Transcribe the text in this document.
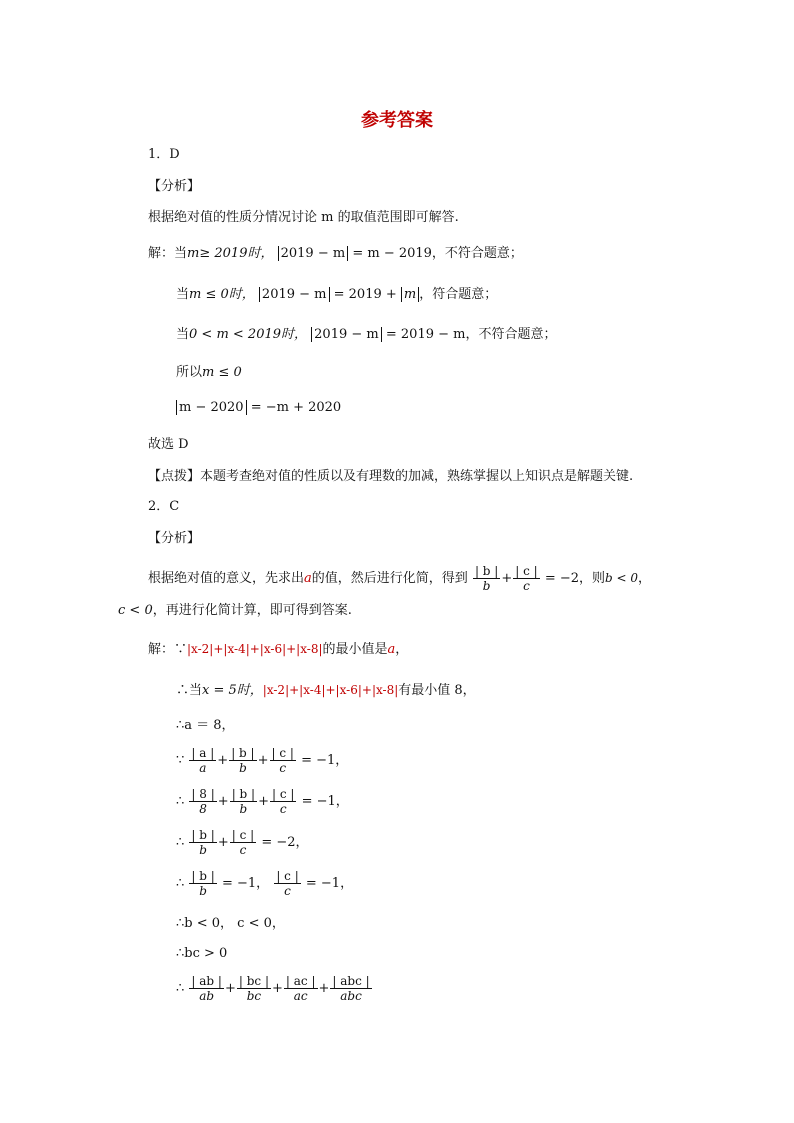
参考答案
1．D
【分析】
根据绝对值的性质分情况讨论 m 的取值范围即可解答.
解：当m≥ 2019时， 2019 − m = m − 2019，不符合题意；
当m ≤ 0时， 2019 − m = 2019 + m ，符合题意；
当0 < m < 2019时， 2019 − m = 2019 − m，不符合题意；
所以m ≤ 0
m − 2020 = −m + 2020
故选 D
【点拨】本题考查绝对值的性质以及有理数的加减，熟练掌握以上知识点是解题关键.
2．C
【分析】
根据绝对值的意义，先求出a的值，然后进行化简，得到 $\frac{| b |}{b} + \frac{| c |}{c} = -2$，则b < 0，
c < 0，再进行化简计算，即可得到答案.
解：∵|x-2|+|x-4|+|x-6|+|x-8|的最小值是a，
∴当x = 5时，|x-2|+|x-4|+|x-6|+|x-8|有最小值 8，
∴a ＝ 8，
∵ $\frac{| a |}{a} + \frac{| b |}{b} + \frac{| c |}{c} = -1$，
∴ $\frac{| 8 |}{8} + \frac{| b |}{b} + \frac{| c |}{c} = -1$，
∴ $\frac{| b |}{b} + \frac{| c |}{c} = -2$，
∴ $\frac{| b |}{b} = -1$， $\frac{| c |}{c} = -1$，
∴b < 0， c < 0，
∴bc > 0
∴ $\frac{| ab |}{ab} + \frac{| bc |}{bc} + \frac{| ac |}{ac} + \frac{\text{| abc |}}{\text{abc}}$
